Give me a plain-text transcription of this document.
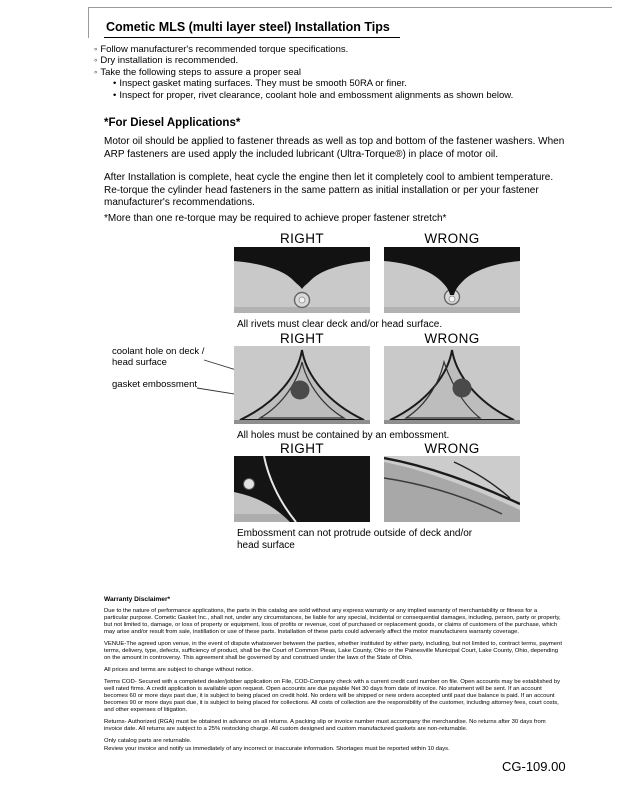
Cometic MLS (multi layer steel) Installation Tips
◦ Follow manufacturer's recommended torque specifications.
◦ Dry installation is recommended.
◦ Take the following steps to assure a proper seal
• Inspect gasket mating surfaces. They must be smooth 50RA or finer.
• Inspect for proper, rivet clearance, coolant hole and embossment alignments as shown below.
*For Diesel Applications*
Motor oil should be applied to fastener threads as well as top and bottom of the fastener washers. When ARP fasteners are used apply the included lubricant (Ultra-Torque®) in place of motor oil.
After Installation is complete, heat cycle the engine then let it completely cool to ambient temperature. Re-torque the cylinder head fasteners in the same pattern as initial installation or per your fastener manufacturer's recommendations.
*More than one re-torque may be required to achieve proper fastener stretch*
RIGHT	WRONG
All rivets must clear deck and/or head surface.
coolant hole on deck / head surface
gasket embossment
RIGHT	WRONG
All holes must be contained by an embossment.
RIGHT	WRONG
Embossment can not protrude outside of deck and/or head surface
Warranty Disclaimer*

Due to the nature of performance applications, the parts in this catalog are sold without any express warranty or any implied warranty of merchantability or fitness for a particular purpose. Cometic Gasket Inc., shall not, under any circumstances, be liable for any special, incidental or consequential damages, including, person, party or property, but not limited to, damage, or loss of property or equipment, loss of profits or revenue, cost of purchased or replacement goods, or claims of customers of the purchase, which may arise and/or result from sale, instillation or use of these parts. Installation of these parts could adversely affect the motor manufacturers warranty coverage.

VENUE-The agreed upon venue, in the event of dispute whatsoever between the parties, whether instituted by either party, including, but not limited to, contract terms, payment terms, delivery, type, defects, sufficiency of product, shall be the Court of Common Pleas, Lake County, Ohio or the Painesville Municipal Court, Lake County, Ohio, depending on the amount in controversy. This agreement shall be governed by and construed under the laws of the State of Ohio.

All prices and terms are subject to change without notice.

Terms COD- Secured with a completed dealer/jobber application on File, COD-Company check with a current credit card number on file. Open accounts may be established by well rated firms. A credit application is available upon request. Open accounts are due payable Net 30 days from date of invoice. No statement will be sent. If an account becomes 60 or more days past due, it is subject to being placed on credit hold. No orders will be shipped or new orders accepted until past due balance is paid. If an account becomes 90 or more days past due, it is subject to being placed for collections. All costs of collection are the responsibility of the customer, including attorney fees, court costs, and other expenses of litigation.

Returns- Authorized (RGA) must be obtained in advance on all returns. A packing slip or invoice number must accompany the merchandise. No returns after 30 days from invoice date. All returns are subject to a 25% restocking charge. All custom designed and custom manufactured gaskets are non-returnable.

Only catalog parts are returnable.

Review your invoice and notify us immediately of any incorrect or inaccurate information. Shortages must be reported within 10 days.

CG-109.00
